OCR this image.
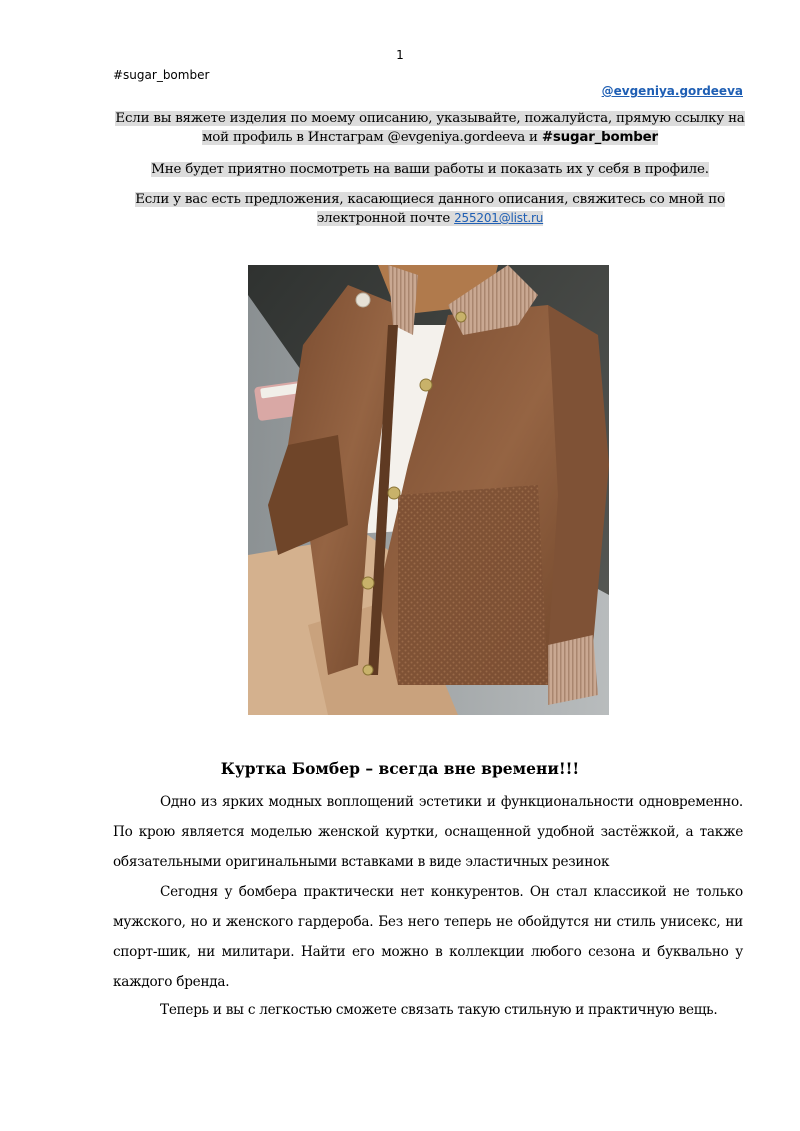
1
#sugar_bomber
@evgeniya.gordeeva
Если вы вяжете изделия по моему описанию, указывайте, пожалуйста, прямую ссылку на мой профиль в Инстаграм @evgeniya.gordeeva и #sugar_bomber
Мне будет приятно посмотреть на ваши работы и показать их у себя в профиле.
Если у вас есть предложения, касающиеся данного описания, свяжитесь со мной по электронной почте 255201@list.ru
Куртка Бомбер – всегда вне времени!!!

Одно из ярких модных воплощений эстетики и функциональности одновременно. По крою является моделью женской куртки, оснащенной удобной застёжкой, а также обязательными оригинальными вставками в виде эластичных резинок

Сегодня у бомбера практически нет конкурентов. Он стал классикой не только мужского, но и женского гардероба. Без него теперь не обойдутся ни стиль унисекс, ни спорт-шик, ни милитари. Найти его можно в коллекции любого сезона и буквально у каждого бренда.

Теперь и вы с легкостью сможете связать такую стильную и практичную вещь.
